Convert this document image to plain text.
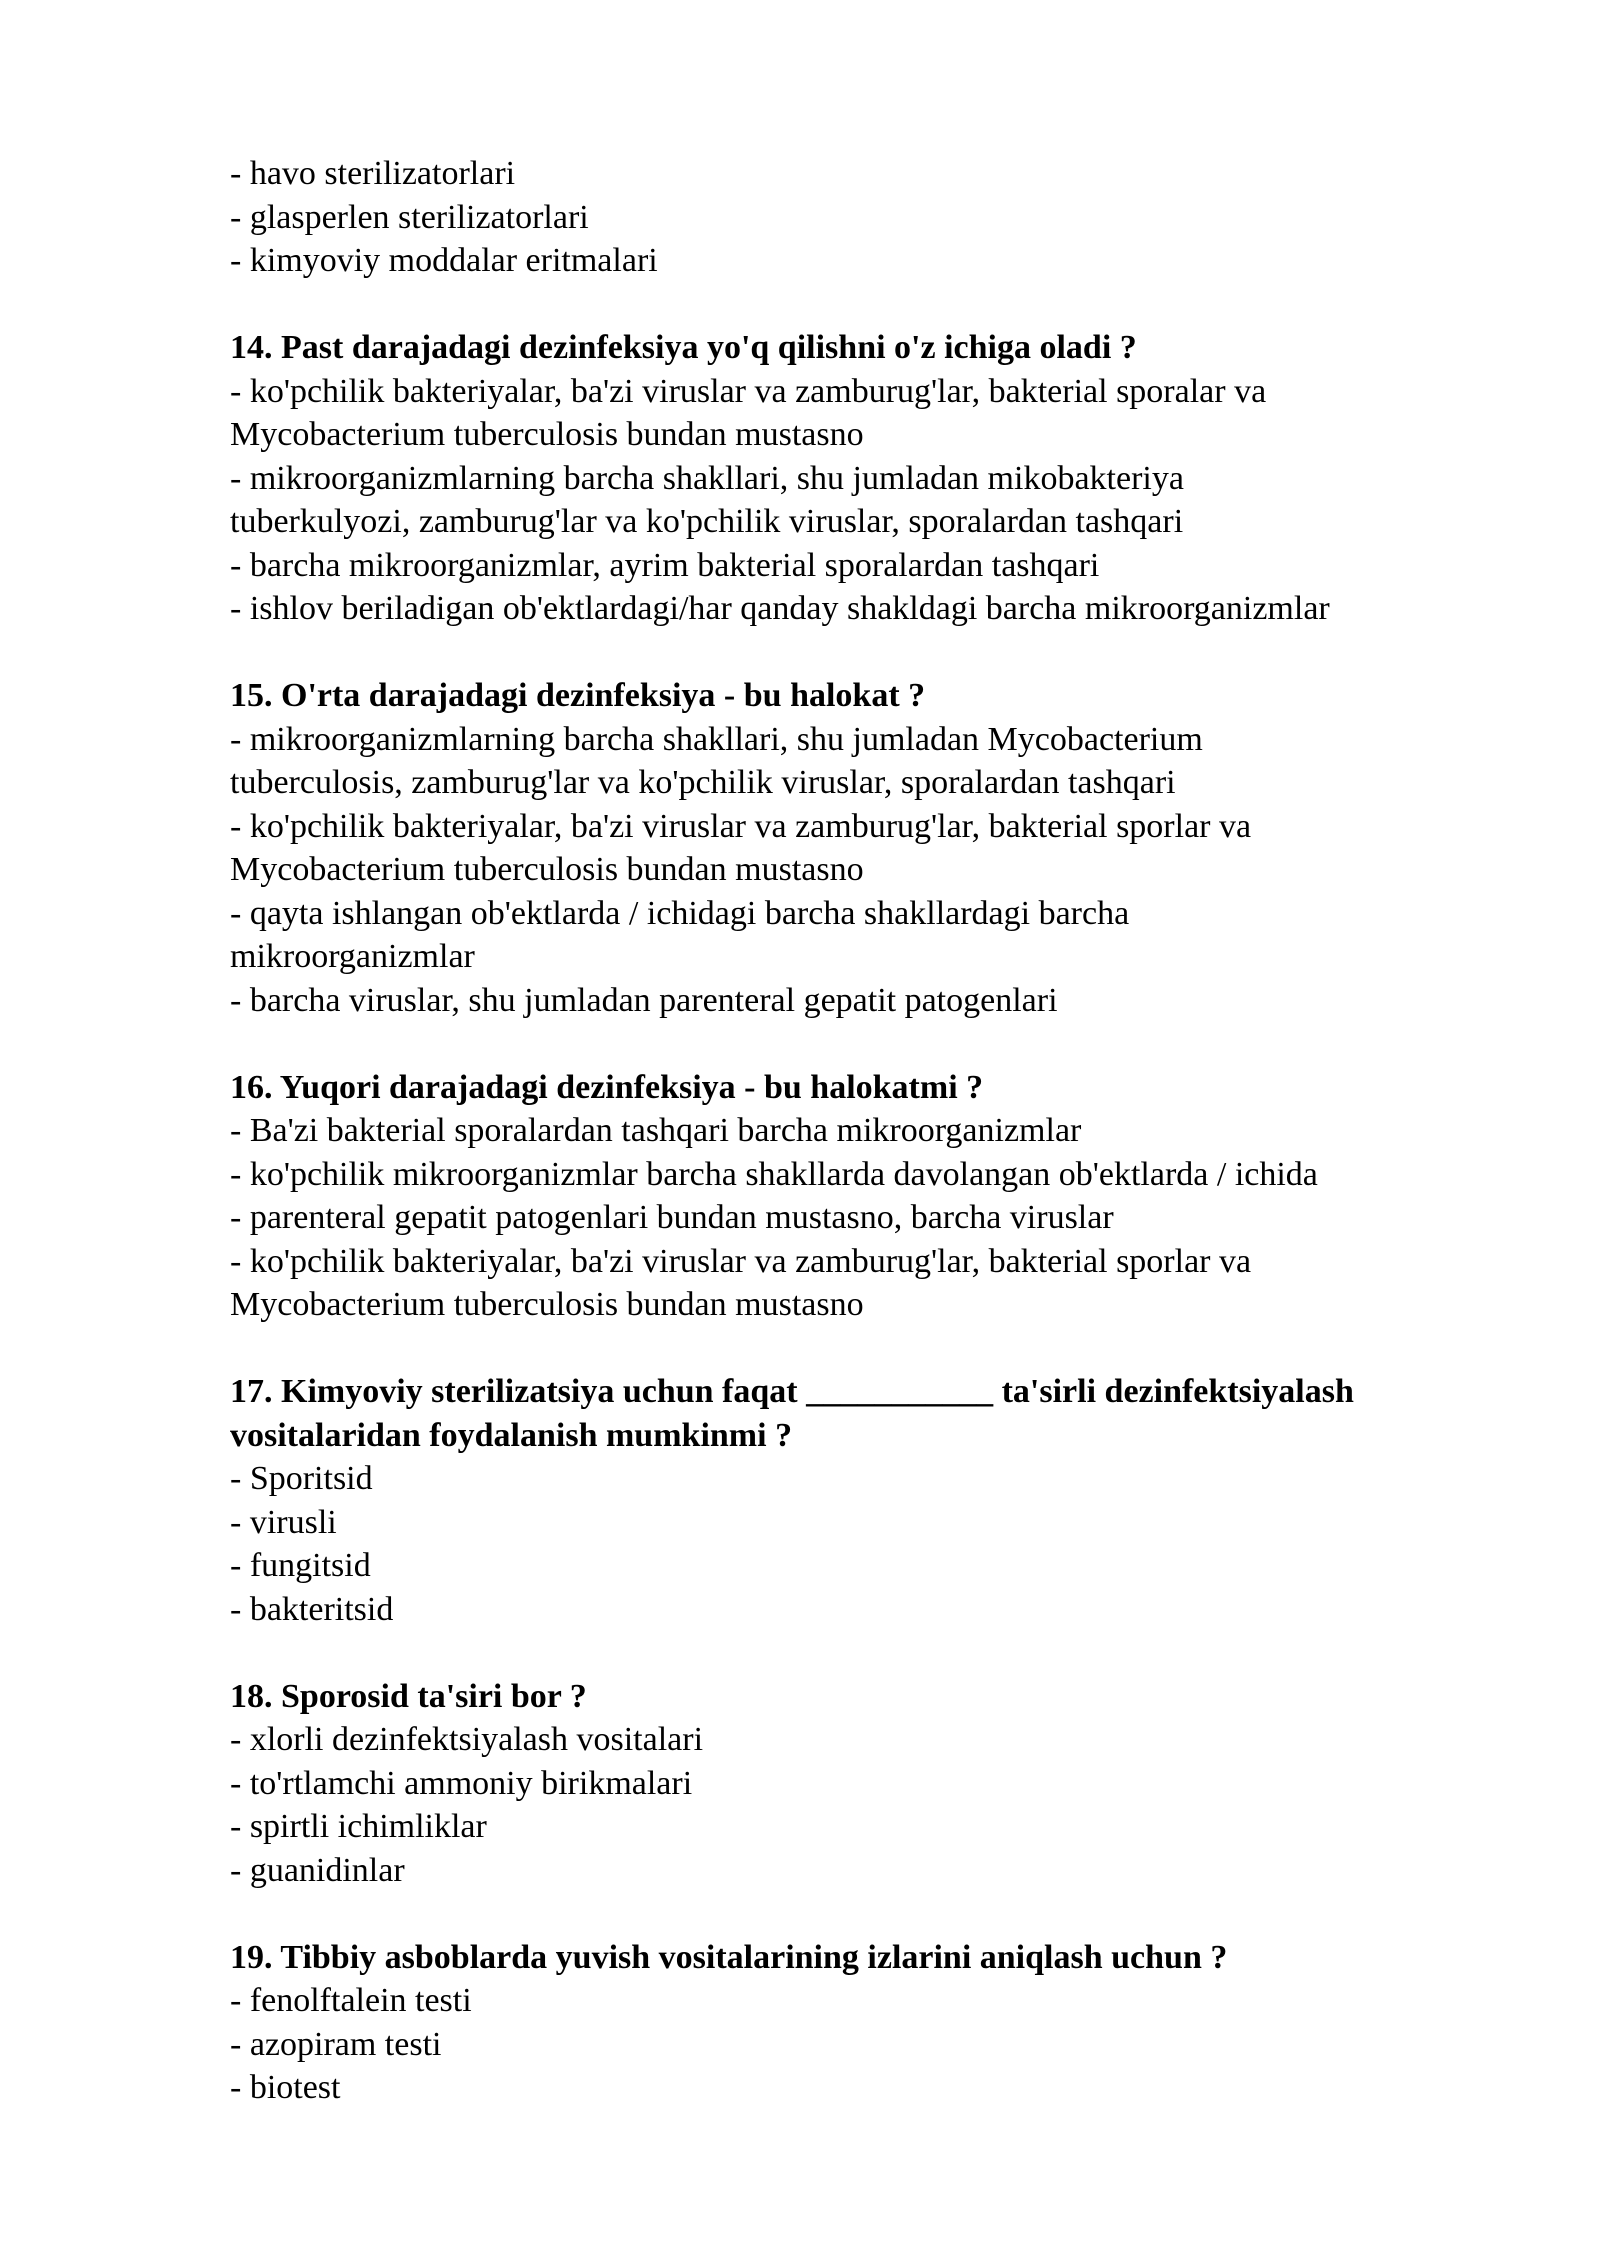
- havo sterilizatorlari
- glasperlen sterilizatorlari
- kimyoviy moddalar eritmalari
14. Past darajadagi dezinfeksiya yo'q qilishni o'z ichiga oladi ?
- ko'pchilik bakteriyalar, ba'zi viruslar va zamburug'lar, bakterial sporalar va
Mycobacterium tuberculosis bundan mustasno
- mikroorganizmlarning barcha shakllari, shu jumladan mikobakteriya
tuberkulyozi, zamburug'lar va ko'pchilik viruslar, sporalardan tashqari
- barcha mikroorganizmlar, ayrim bakterial sporalardan tashqari
- ishlov beriladigan ob'ektlardagi/har qanday shakldagi barcha mikroorganizmlar
15. O'rta darajadagi dezinfeksiya - bu halokat ?
- mikroorganizmlarning barcha shakllari, shu jumladan Mycobacterium
tuberculosis, zamburug'lar va ko'pchilik viruslar, sporalardan tashqari
- ko'pchilik bakteriyalar, ba'zi viruslar va zamburug'lar, bakterial sporlar va
Mycobacterium tuberculosis bundan mustasno
- qayta ishlangan ob'ektlarda / ichidagi barcha shakllardagi barcha
mikroorganizmlar
- barcha viruslar, shu jumladan parenteral gepatit patogenlari
16. Yuqori darajadagi dezinfeksiya - bu halokatmi ?
- Ba'zi bakterial sporalardan tashqari barcha mikroorganizmlar
- ko'pchilik mikroorganizmlar barcha shakllarda davolangan ob'ektlarda / ichida
- parenteral gepatit patogenlari bundan mustasno, barcha viruslar
- ko'pchilik bakteriyalar, ba'zi viruslar va zamburug'lar, bakterial sporlar va
Mycobacterium tuberculosis bundan mustasno
17. Kimyoviy sterilizatsiya uchun faqat ___________ ta'sirli dezinfektsiyalash
vositalaridan foydalanish mumkinmi ?
- Sporitsid
- virusli
- fungitsid
- bakteritsid
18. Sporosid ta'siri bor ?
- xlorli dezinfektsiyalash vositalari
- to'rtlamchi ammoniy birikmalari
- spirtli ichimliklar
- guanidinlar
19. Tibbiy asboblarda yuvish vositalarining izlarini aniqlash uchun ?
- fenolftalein testi
- azopiram testi
- biotest
